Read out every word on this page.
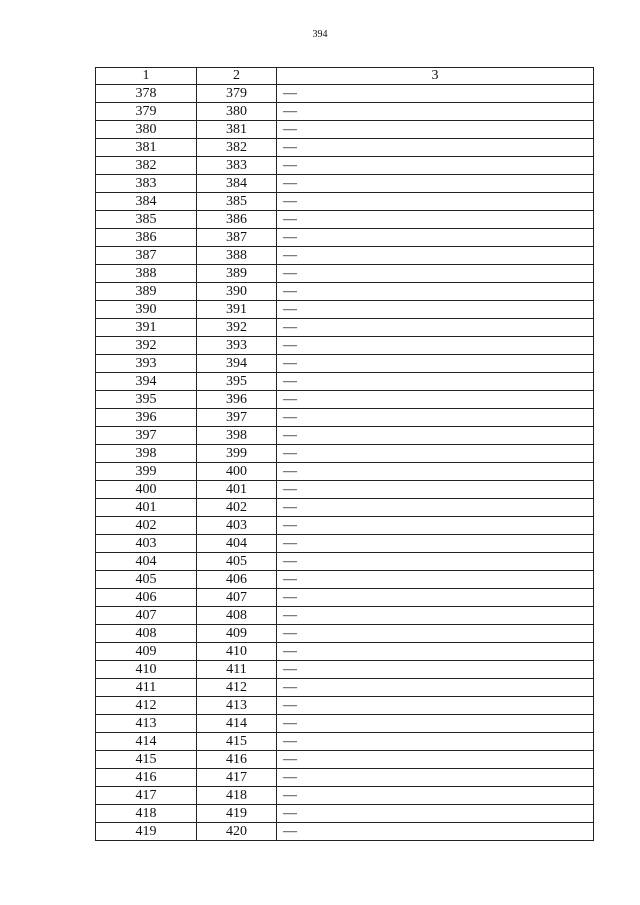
394
1	2	3
378	379	—
379	380	—
380	381	—
381	382	—
382	383	—
383	384	—
384	385	—
385	386	—
386	387	—
387	388	—
388	389	—
389	390	—
390	391	—
391	392	—
392	393	—
393	394	—
394	395	—
395	396	—
396	397	—
397	398	—
398	399	—
399	400	—
400	401	—
401	402	—
402	403	—
403	404	—
404	405	—
405	406	—
406	407	—
407	408	—
408	409	—
409	410	—
410	411	—
411	412	—
412	413	—
413	414	—
414	415	—
415	416	—
416	417	—
417	418	—
418	419	—
419	420	—
